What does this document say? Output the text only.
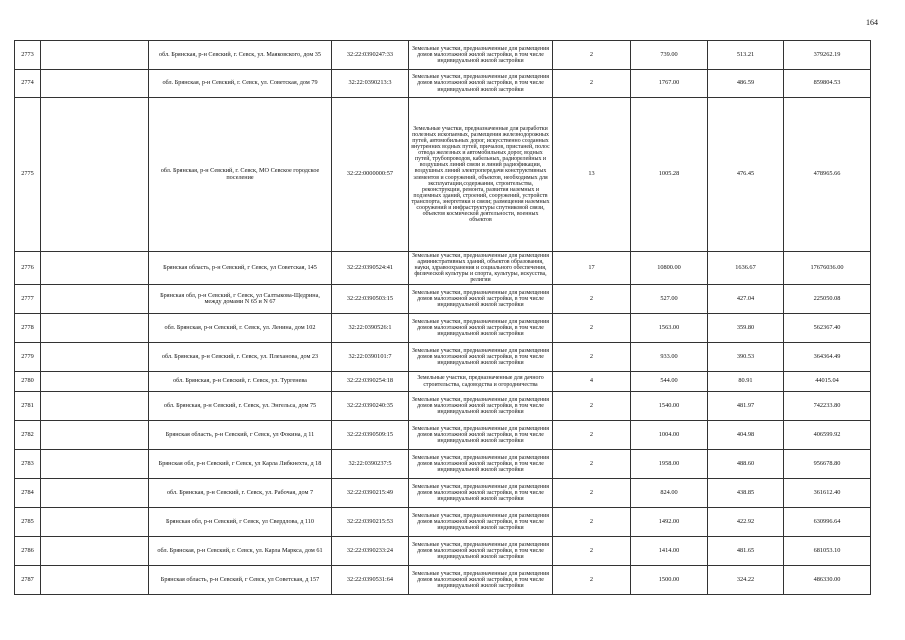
164
2773		обл. Брянская, р-н Севский, г. Севск, ул. Маяковского, дом 35	32:22:0390247:33	Земельные участки, предназначенные для размещения домов малоэтажной жилой застройки, в том числе индивидуальной жилой застройки	2	739.00	513.21	379262.19
2774		обл. Брянская, р-н Севский, г. Севск, ул. Советская, дом 79	32:22:0390213:3	Земельные участки, предназначенные для размещения домов малоэтажной жилой застройки, в том числе индивидуальной жилой застройки	2	1767.00	486.59	859804.53
2775		обл. Брянская, р-н Севский, г. Севск, МО Севское городское поселение	32:22:0000000:57	Земельные участки, предназначенные для разработки полезных ископаемых, размещения железнодорожных путей, автомобильных дорог, искусственно созданных внутренних водных путей, причалов, пристаней, полос отвода железных и автомобильных дорог, водных путей, трубопроводов, кабельных, радиорелейных и воздушных линий связи и линий радиофикации, воздушных линий электропередачи конструктивных элементов и сооружений, объектов, необходимых для эксплуатации,содержания, строительства, реконструкции, ремонта, развития наземных и подземных зданий, строений, сооружений, устройств транспорта, энергетики и связи; размещения наземных сооружений и инфраструктуры спутниковой связи, объектов космической деятельности, военных объектов	13	1005.28	476.45	478965.66
2776		Брянская область, р-н Севский, г Севск, ул Советская, 145	32:22:0390524:41	Земельные участки, предназначенные для размещения административных зданий, объектов образования, науки, здравоохранения и социального обеспечения, физической культуры и спорта, культуры, искусства, религии	17	10800.00	1636.67	17676036.00
2777		Брянская обл, р-н Севский, г Севск, ул Салтыкова-Щедрина, между домами N 65 и N 67	32:22:0390503:15	Земельные участки, предназначенные для размещения домов малоэтажной жилой застройки, в том числе индивидуальной жилой застройки	2	527.00	427.04	225050.08
2778		обл. Брянская, р-н Севский, г. Севск, ул. Ленина, дом 102	32:22:0390526:1	Земельные участки, предназначенные для размещения домов малоэтажной жилой застройки, в том числе индивидуальной жилой застройки	2	1563.00	359.80	562367.40
2779		обл. Брянская, р-н Севский, г. Севск, ул. Плеханова, дом 23	32:22:0390101:7	Земельные участки, предназначенные для размещения домов малоэтажной жилой застройки, в том числе индивидуальной жилой застройки	2	933.00	390.53	364364.49
2780		обл. Брянская, р-н Севский, г. Севск, ул. Тургенева	32:22:0390254:18	Земельные участки, предназначенные для дачного строительства, садоводства и огородничества	4	544.00	80.91	44015.04
2781		обл. Брянская, р-н Севский, г. Севск, ул. Энгельса, дом 75	32:22:0390240:35	Земельные участки, предназначенные для размещения домов малоэтажной жилой застройки, в том числе индивидуальной жилой застройки	2	1540.00	481.97	742233.80
2782		Брянская область, р-н Севский, г Севск, ул Фокина, д 11	32:22:0390509:15	Земельные участки, предназначенные для размещения домов малоэтажной жилой застройки, в том числе индивидуальной жилой застройки	2	1004.00	404.98	406599.92
2783		Брянская обл, р-н Севский, г Севск, ул Карла Либкнехта, д 18	32:22:0390237:5	Земельные участки, предназначенные для размещения домов малоэтажной жилой застройки, в том числе индивидуальной жилой застройки	2	1958.00	488.60	956678.80
2784		обл. Брянская, р-н Севский, г. Севск, ул. Рабочая, дом 7	32:22:0390215:49	Земельные участки, предназначенные для размещения домов малоэтажной жилой застройки, в том числе индивидуальной жилой застройки	2	824.00	438.85	361612.40
2785		Брянская обл, р-н Севский, г Севск, ул Свердлова, д 110	32:22:0390215:53	Земельные участки, предназначенные для размещения домов малоэтажной жилой застройки, в том числе индивидуальной жилой застройки	2	1492.00	422.92	630996.64
2786		обл. Брянская, р-н Севский, г. Севск, ул. Карла Маркса, дом 61	32:22:0390233:24	Земельные участки, предназначенные для размещения домов малоэтажной жилой застройки, в том числе индивидуальной жилой застройки	2	1414.00	481.65	681053.10
2787		Брянская область, р-н Севский, г Севск, ул Советская, д 157	32:22:0390531:64	Земельные участки, предназначенные для размещения домов малоэтажной жилой застройки, в том числе индивидуальной жилой застройки	2	1500.00	324.22	486330.00
